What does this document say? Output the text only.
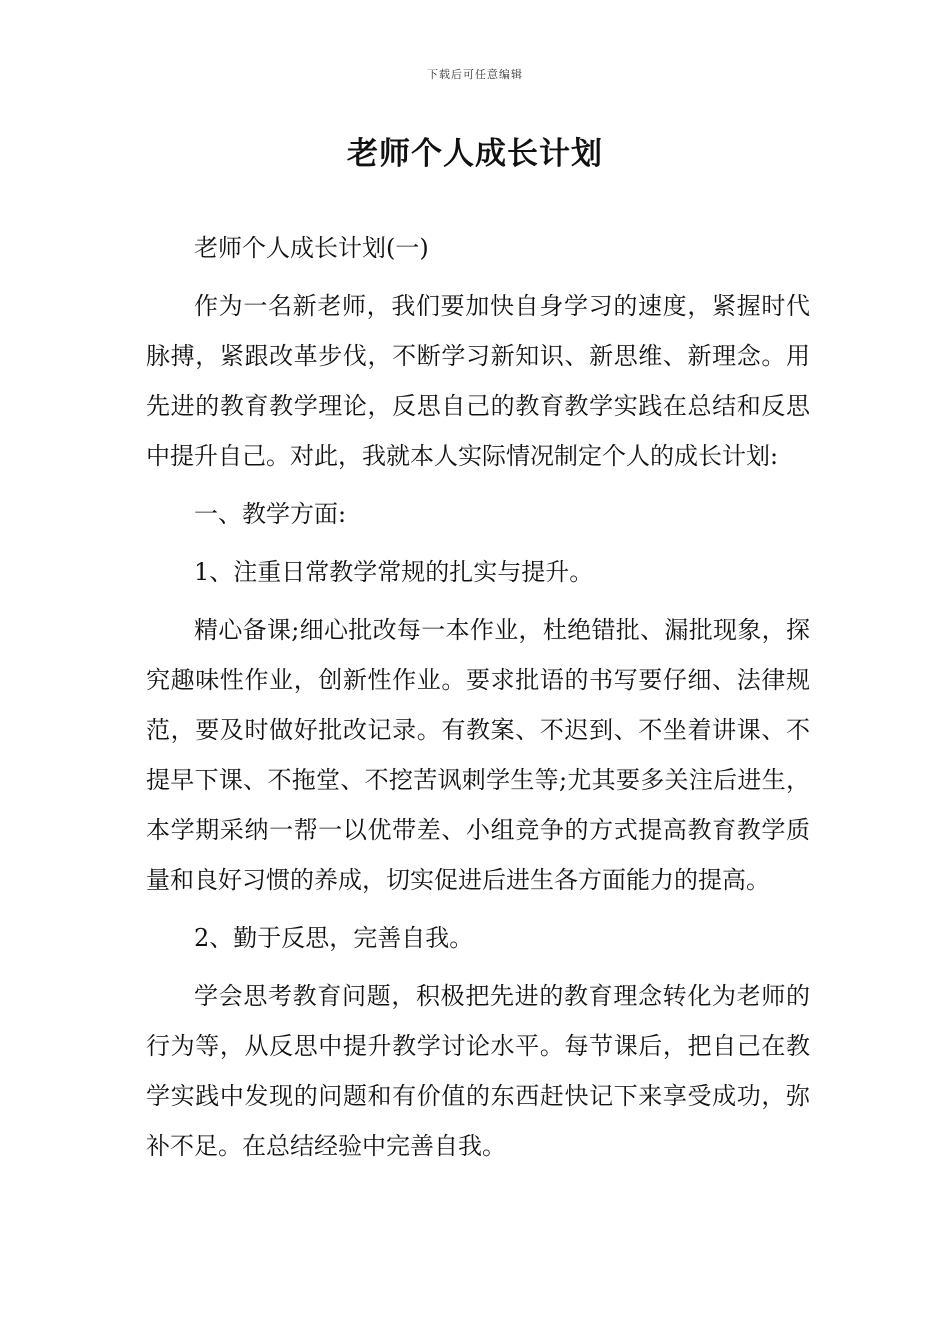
下载后可任意编辑
老师个人成长计划

老师个人成长计划(一)

作为一名新老师，我们要加快自身学习的速度，紧握时代脉搏，紧跟改革步伐，不断学习新知识、新思维、新理念。用先进的教育教学理论，反思自己的教育教学实践在总结和反思中提升自己。对此，我就本人实际情况制定个人的成长计划:

一、教学方面:

1、注重日常教学常规的扎实与提升。

精心备课;细心批改每一本作业，杜绝错批、漏批现象，探究趣味性作业，创新性作业。要求批语的书写要仔细、法律规范，要及时做好批改记录。有教案、不迟到、不坐着讲课、不提早下课、不拖堂、不挖苦讽刺学生等;尤其要多关注后进生，本学期采纳一帮一以优带差、小组竞争的方式提高教育教学质量和良好习惯的养成，切实促进后进生各方面能力的提高。

2、勤于反思，完善自我。

学会思考教育问题，积极把先进的教育理念转化为老师的行为等，从反思中提升教学讨论水平。每节课后，把自己在教学实践中发现的问题和有价值的东西赶快记下来享受成功，弥补不足。在总结经验中完善自我。
